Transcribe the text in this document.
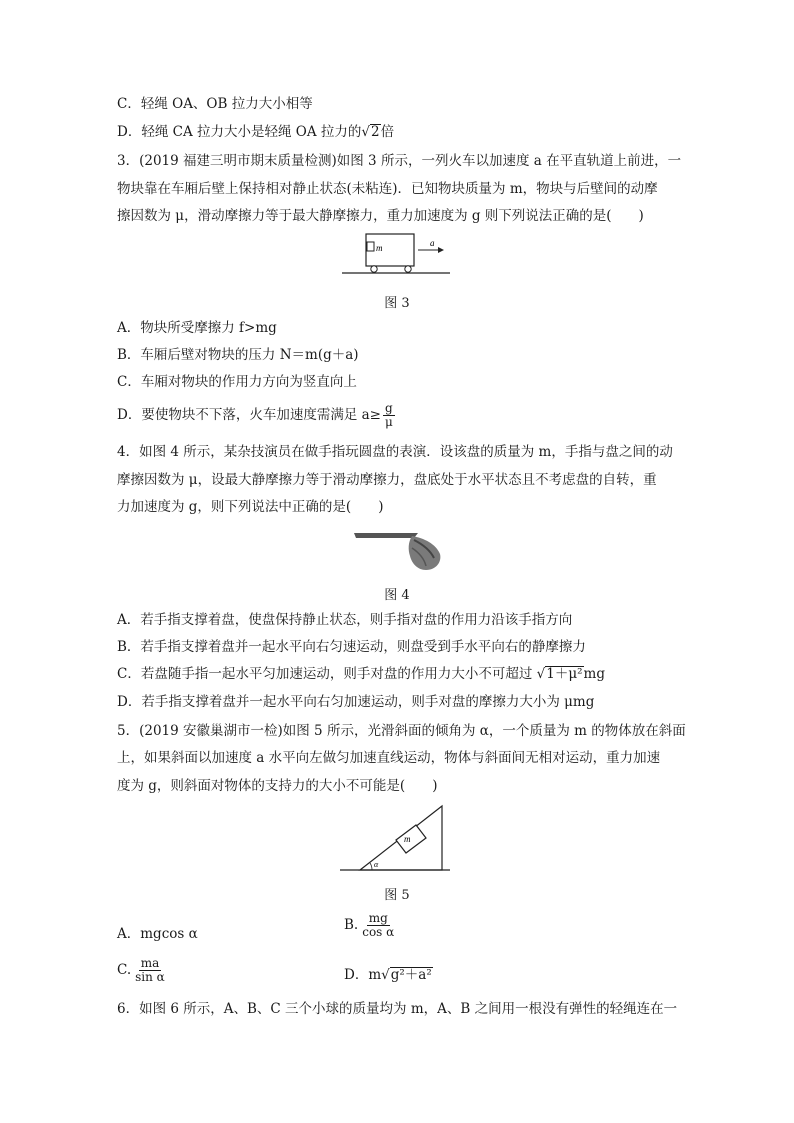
C．轻绳 OA、OB 拉力大小相等
D．轻绳 CA 拉力大小是轻绳 OA 拉力的√2倍
3．(2019 福建三明市期末质量检测)如图 3 所示，一列火车以加速度 a 在平直轨道上前进，一
物块靠在车厢后壁上保持相对静止状态(未粘连)．已知物块质量为 m，物块与后壁间的动摩
擦因数为 μ，滑动摩擦力等于最大静摩擦力，重力加速度为 g 则下列说法正确的是(　　)
m	a
图 3
A．物块所受摩擦力 f>mg
B．车厢后壁对物块的压力 N＝m(g＋a)
C．车厢对物块的作用力方向为竖直向上
D．要使物块不下落，火车加速度需满足 $a\ge \frac{g}{\mu}$
4．如图 4 所示，某杂技演员在做手指玩圆盘的表演．设该盘的质量为 m，手指与盘之间的动
摩擦因数为 μ，设最大静摩擦力等于滑动摩擦力，盘底处于水平状态且不考虑盘的自转，重
力加速度为 g，则下列说法中正确的是(　　)
图 4
A．若手指支撑着盘，使盘保持静止状态，则手指对盘的作用力沿该手指方向
B．若手指支撑着盘并一起水平向右匀速运动，则盘受到手水平向右的静摩擦力
C．若盘随手指一起水平匀加速运动，则手对盘的作用力大小不可超过 √1＋μ²mg
D．若手指支撑着盘并一起水平向右匀加速运动，则手对盘的摩擦力大小为 μmg
5．(2019 安徽巢湖市一检)如图 5 所示，光滑斜面的倾角为 α，一个质量为 m 的物体放在斜面
上，如果斜面以加速度 a 水平向左做匀加速直线运动，物体与斜面间无相对运动，重力加速
度为 g，则斜面对物体的支持力的大小不可能是(　　)
m
α
图 5
A．mgcos α
B. $\frac{mg}{\text{cos α}}$
C. $\frac{ma}{\text{sin α}}$	D．m√g²＋a²
6．如图 6 所示，A、B、C 三个小球的质量均为 m，A、B 之间用一根没有弹性的轻绳连在一
